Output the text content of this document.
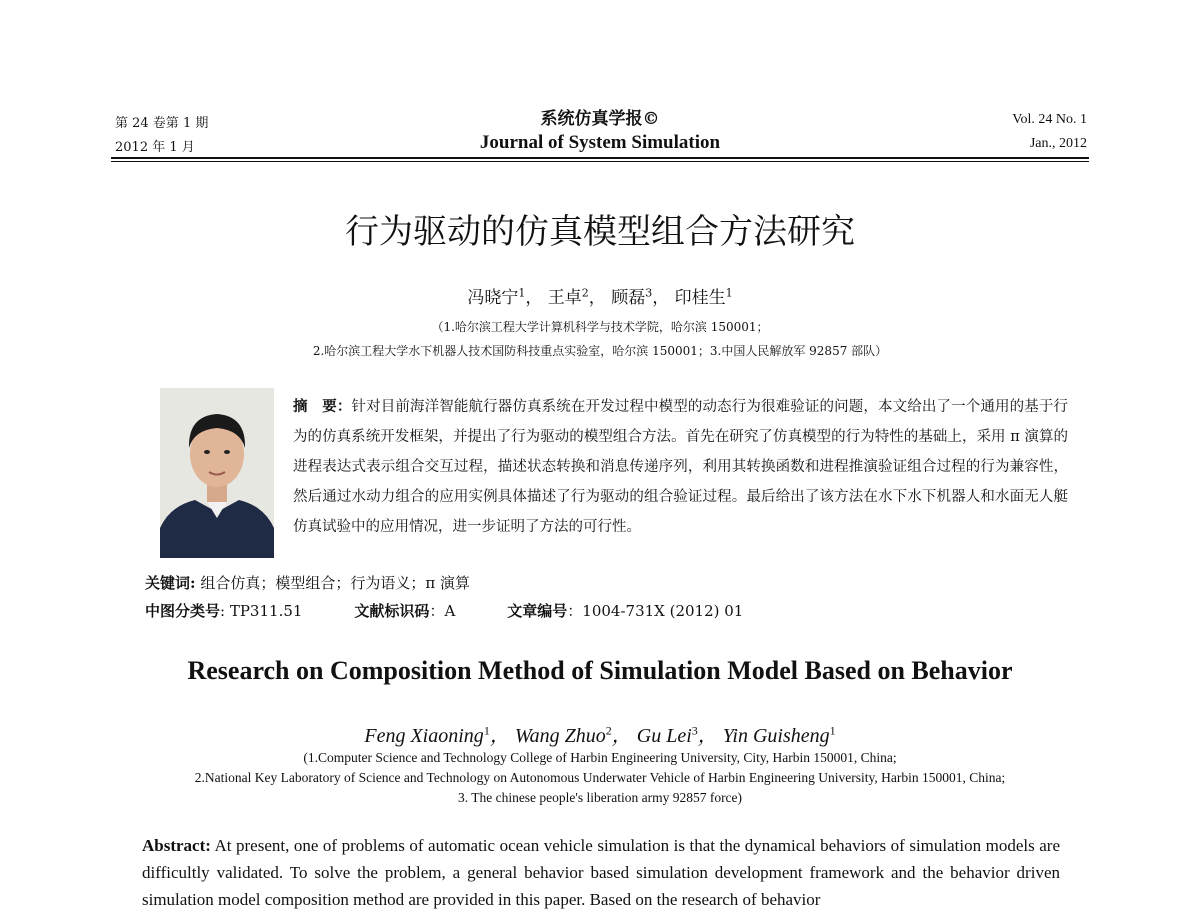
第 24 卷第 1 期
2012 年 1 月
系统仿真学报©
Journal of System Simulation
Vol. 24 No. 1
Jan., 2012
行为驱动的仿真模型组合方法研究
冯晓宁$^1$， 王卓$^2$， 顾磊$^3$， 印桂生$^1$
（1.哈尔滨工程大学计算机科学与技术学院，哈尔滨 150001；
2.哈尔滨工程大学水下机器人技术国防科技重点实验室，哈尔滨 150001；3.中国人民解放军 92857 部队）
摘　要：针对目前海洋智能航行器仿真系统在开发过程中模型的动态行为很难验证的问题，本文给出了一个通用的基于行为的仿真系统开发框架，并提出了行为驱动的模型组合方法。首先在研究了仿真模型的行为特性的基础上，采用 π 演算的进程表达式表示组合交互过程，描述状态转换和消息传递序列，利用其转换函数和进程推演验证组合过程的行为兼容性，然后通过水动力组合的应用实例具体描述了行为驱动的组合验证过程。最后给出了该方法在水下水下机器人和水面无人艇仿真试验中的应用情况，进一步证明了方法的可行性。
关键词: 组合仿真；模型组合；行为语义；π 演算
中图分类号: TP311.51	文献标识码：A	文章编号：1004-731X (2012) 01
Research on Composition Method of Simulation Model Based on Behavior
Feng Xiaoning$^1$， Wang Zhuo$^2$， Gu Lei$^3$， Yin Guisheng$^1$
(1.Computer Science and Technology College of Harbin Engineering University, City, Harbin 150001, China;
2.National Key Laboratory of Science and Technology on Autonomous Underwater Vehicle of Harbin Engineering University, Harbin 150001, China;
3. The chinese people's liberation army 92857 force)
Abstract: At present, one of problems of automatic ocean vehicle simulation is that the dynamical behaviors of simulation models are difficultly validated. To solve the problem, a general behavior based simulation development framework and the behavior driven simulation model composition method are provided in this paper. Based on the research of behavior
